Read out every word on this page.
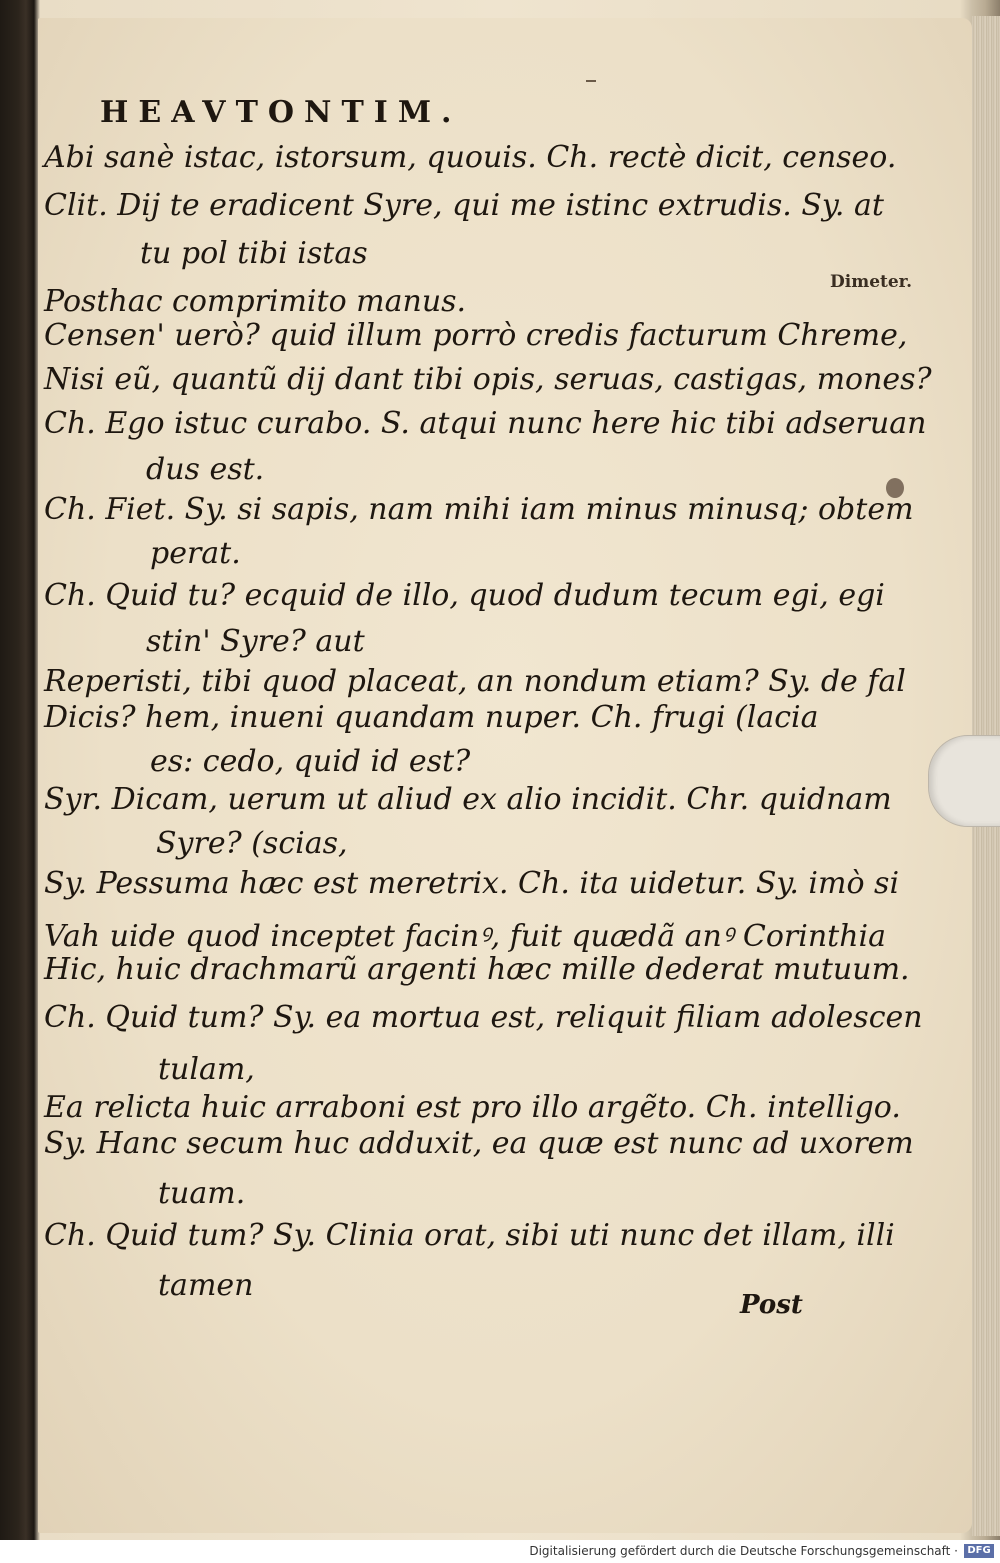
HEAVTONTIM.
Dimeter.
Abi sanè istac, istorsum, quouis. Ch. rectè dicit, censeo.
Clit. Dij te eradicent Syre, qui me istinc extrudis. Sy. at
tu pol tibi istas
Posthac comprimito manus.
Censen' uerò? quid illum porrò credis facturum Chreme,
Nisi eũ, quantũ dij dant tibi opis, seruas, castigas, mones?
Ch. Ego istuc curabo. S. atqui nunc here hic tibi adseruan
dus est.
Ch. Fiet. Sy. si sapis, nam mihi iam minus minusq; obtem
perat.
Ch. Quid tu? ecquid de illo, quod dudum tecum egi, egi
stin' Syre? aut
Reperisti, tibi quod placeat, an nondum etiam? Sy. de fal
Dicis? hem, inueni quandam nuper. Ch. frugi (lacia
es: cedo, quid id est?
Syr. Dicam, uerum ut aliud ex alio incidit. Chr. quidnam
Syre? (scias,
Sy. Pessuma hæc est meretrix. Ch. ita uidetur. Sy. imò si
Vah uide quod inceptet facinꝰ, fuit quædã anꝰ Corinthia
Hic, huic drachmarũ argenti hæc mille dederat mutuum.
Ch. Quid tum? Sy. ea mortua est, reliquit filiam adolescen
tulam,
Ea relicta huic arraboni est pro illo argẽto. Ch. intelligo.
Sy. Hanc secum huc adduxit, ea quæ est nunc ad uxorem
tuam.
Ch. Quid tum? Sy. Clinia orat, sibi uti nunc det illam, illi
tamen
Post
Digitalisierung gefördert durch die Deutsche Forschungsgemeinschaft · DFG
